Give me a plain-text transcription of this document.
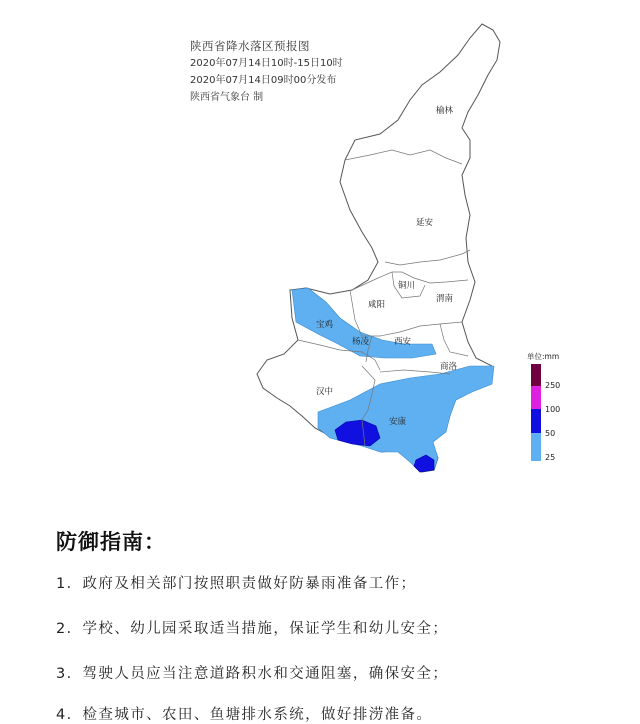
陕西省降水落区预报图
2020年07月14日10时-15日10时
2020年07月14日09时00分发布
陕西省气象台 制
榆林
延安
铜川
渭南
咸阳
宝鸡
杨凌	西安
商洛
汉中
安康
单位:mm
250
100
50
25
防御指南：
1．政府及相关部门按照职责做好防暴雨准备工作；
2．学校、幼儿园采取适当措施，保证学生和幼儿安全；
3．驾驶人员应当注意道路积水和交通阻塞，确保安全；
4．检查城市、农田、鱼塘排水系统，做好排涝准备。
